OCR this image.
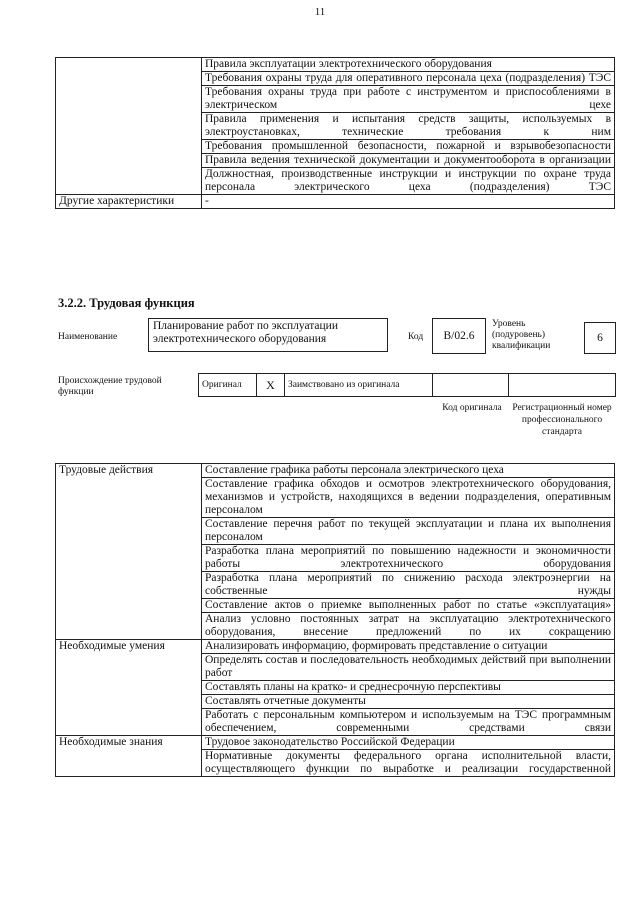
11
	Правила эксплуатации электротехнического оборудования
	Требования охраны труда для оперативного персонала цеха (подразделения) ТЭС
	Требования охраны труда при работе с инструментом и приспособлениями в электрическом цехе
	Правила применения и испытания средств защиты, используемых в электроустановках, технические требования к ним
	Требования промышленной безопасности, пожарной и взрывобезопасности
	Правила ведения технической документации и документооборота в организации
	Должностная, производственные инструкции и инструкции по охране труда персонала электрического цеха (подразделения) ТЭС
Другие характеристики	-
3.2.2. Трудовая функция
Наименование
Планирование работ по эксплуатации электротехнического оборудования	Код	B/02.6
Уровень (подуровень) квалификации
6
Происхождение трудовой функции
Оригинал	X	Заимствовано из оригинала		
Код оригинала	Регистрационный номер профессионального стандарта
Трудовые действия	Составление графика работы персонала электрического цеха
	Составление графика обходов и осмотров электротехнического оборудования, механизмов и устройств, находящихся в ведении подразделения, оперативным персоналом
	Составление перечня работ по текущей эксплуатации и плана их выполнения персоналом
	Разработка плана мероприятий по повышению надежности и экономичности работы электротехнического оборудования
	Разработка плана мероприятий по снижению расхода электроэнергии на собственные нужды
	Составление актов о приемке выполненных работ по статье «эксплуатация»
	Анализ условно постоянных затрат на эксплуатацию электротехнического оборудования, внесение предложений по их сокращению
Необходимые умения	Анализировать информацию, формировать представление о ситуации
	Определять состав и последовательность необходимых действий при выполнении работ
	Составлять планы на кратко- и среднесрочную перспективы
	Составлять отчетные документы
	Работать с персональным компьютером и используемым на ТЭС программным обеспечением, современными средствами связи
Необходимые знания	Трудовое законодательство Российской Федерации
	Нормативные документы федерального органа исполнительной власти, осуществляющего функции по выработке и реализации государственной
